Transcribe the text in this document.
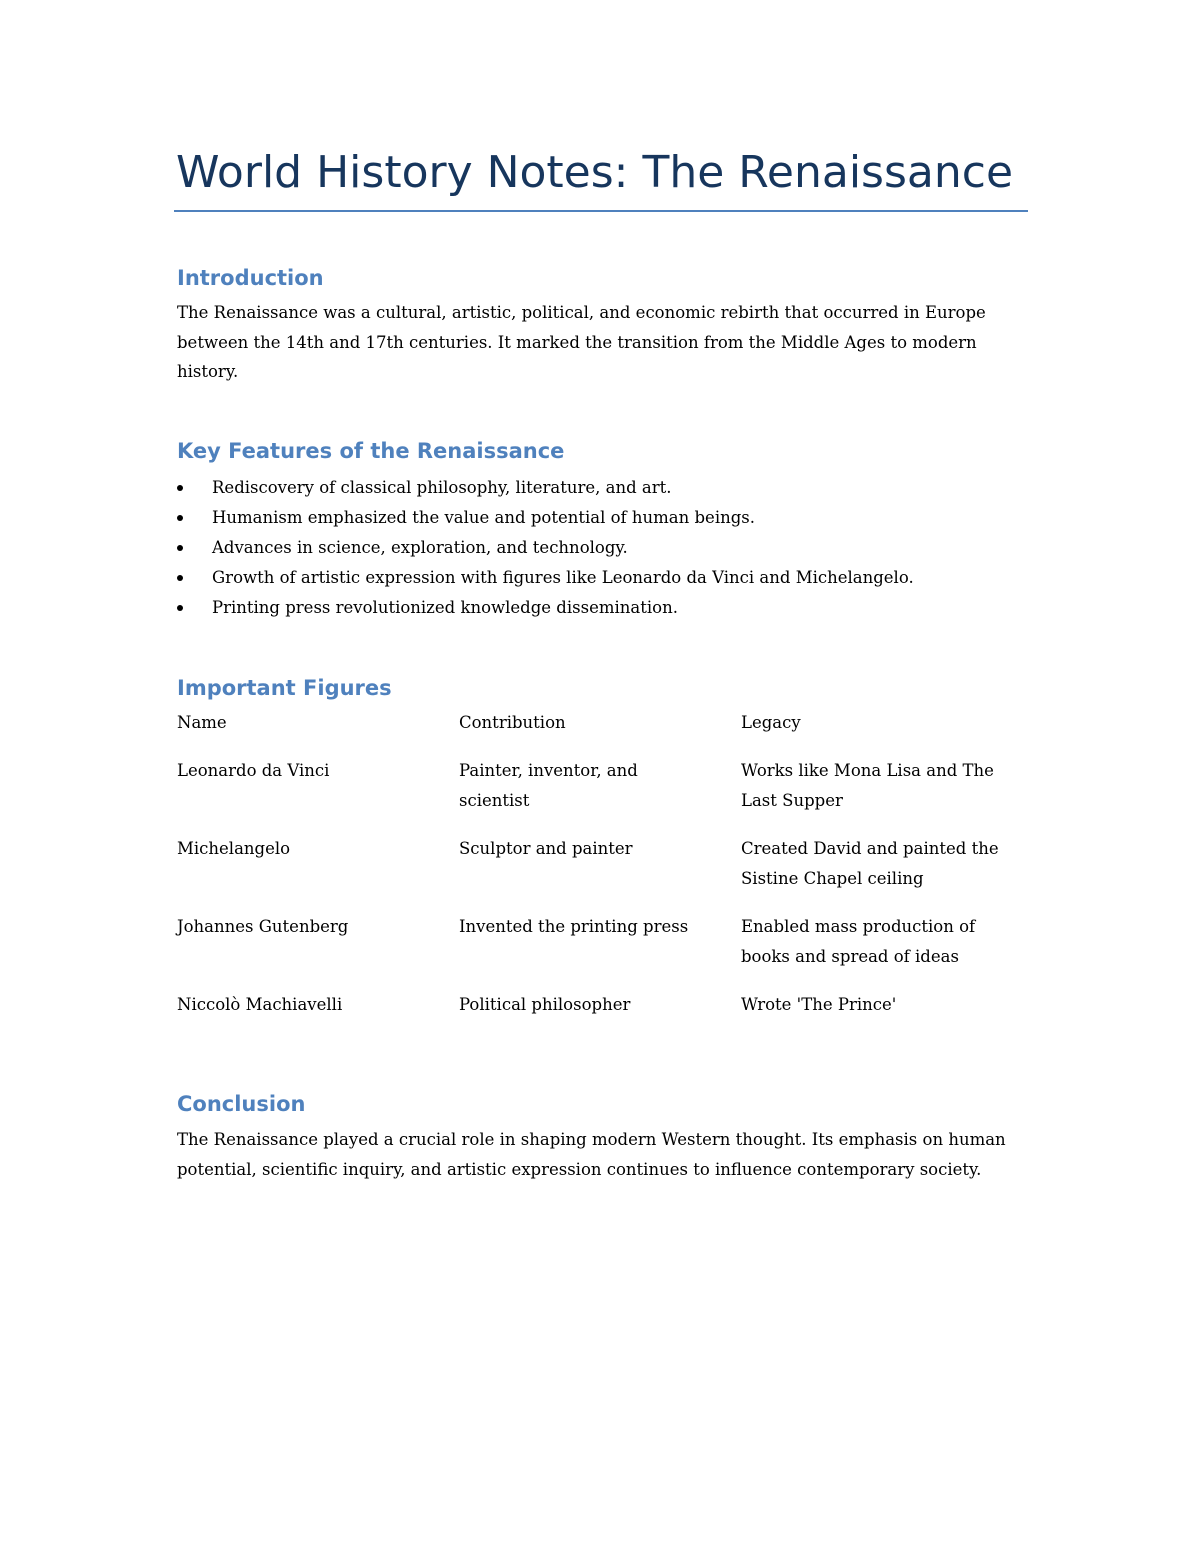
World History Notes: The Renaissance
Introduction

The Renaissance was a cultural, artistic, political, and economic rebirth that occurred in Europe between the 14th and 17th centuries. It marked the transition from the Middle Ages to modern history.

Key Features of the Renaissance
Rediscovery of classical philosophy, literature, and art.
Humanism emphasized the value and potential of human beings.
Advances in science, exploration, and technology.
Growth of artistic expression with figures like Leonardo da Vinci and Michelangelo.
Printing press revolutionized knowledge dissemination.
Important Figures
Name	Contribution	Legacy
Leonardo da Vinci	Painter, inventor, and scientist	Works like Mona Lisa and The Last Supper
Michelangelo	Sculptor and painter	Created David and painted the Sistine Chapel ceiling
Johannes Gutenberg	Invented the printing press	Enabled mass production of books and spread of ideas
Niccolò Machiavelli	Political philosopher	Wrote 'The Prince'
Conclusion

The Renaissance played a crucial role in shaping modern Western thought. Its emphasis on human potential, scientific inquiry, and artistic expression continues to influence contemporary society.
